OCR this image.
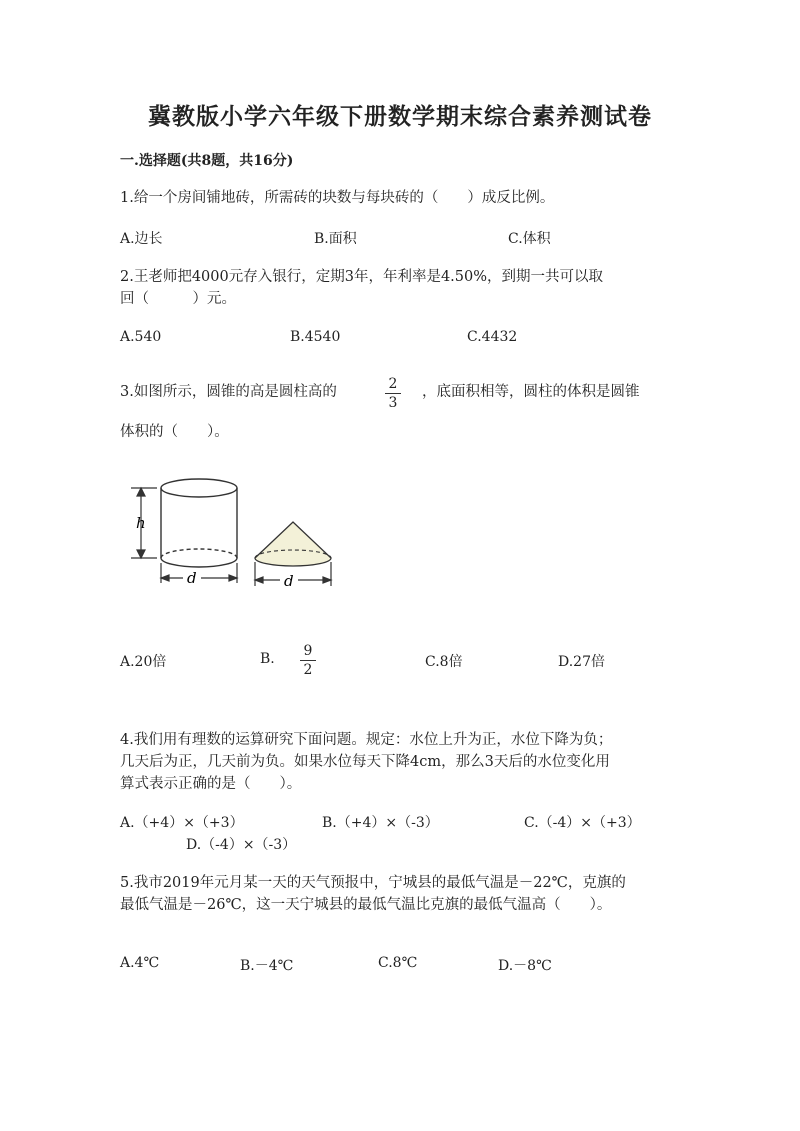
冀教版小学六年级下册数学期末综合素养测试卷
一.选择题(共8题，共16分)
1.给一个房间铺地砖，所需砖的块数与每块砖的（　　）成反比例。
A.边长	B.面积	C.体积
2.王老师把4000元存入银行，定期3年，年利率是4.50%，到期一共可以取
回（　　　）元。
A.540	B.4540	C.4432
3.如图所示，圆锥的高是圆柱高的	2
3
，底面积相等，圆柱的体积是圆锥
体积的（　　）。
h
d	d
A.20倍	B. 9
2	C.8倍	D.27倍
4.我们用有理数的运算研究下面问题。规定：水位上升为正，水位下降为负；
几天后为正，几天前为负。如果水位每天下降4cm，那么3天后的水位变化用
算式表示正确的是（　　）。
A.（+4）×（+3）	B.（+4）×（-3）	C.（-4）×（+3）
D.（-4）×（-3）
5.我市2019年元月某一天的天气预报中，宁城县的最低气温是－22℃，克旗的
最低气温是－26℃，这一天宁城县的最低气温比克旗的最低气温高（　　）。
A.4℃	B.－4℃	C.8℃	D.－8℃
